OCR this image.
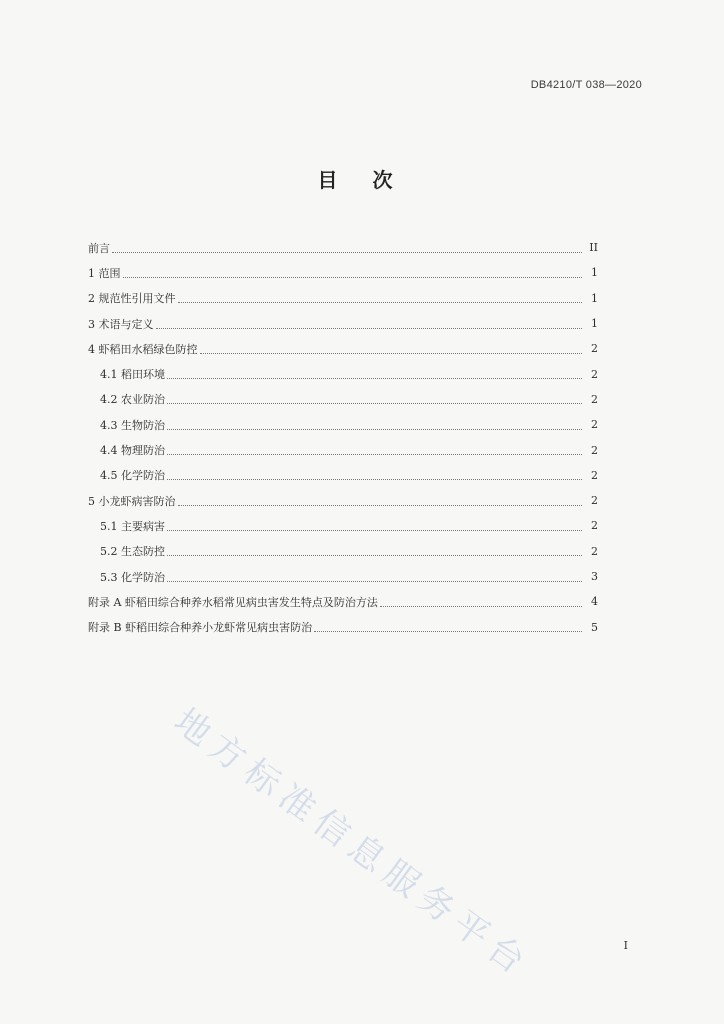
DB4210/T 038—2020
目 次
前言	II
1 范围	1
2 规范性引用文件	1
3 术语与定义	1
4 虾稻田水稻绿色防控	2
4.1 稻田环境	2
4.2 农业防治	2
4.3 生物防治	2
4.4 物理防治	2
4.5 化学防治	2
5 小龙虾病害防治	2
5.1 主要病害	2
5.2 生态防控	2
5.3 化学防治	3
附录 A 虾稻田综合种养水稻常见病虫害发生特点及防治方法	4
附录 B 虾稻田综合种养小龙虾常见病虫害防治	5
地方标准信息服务平台	I
